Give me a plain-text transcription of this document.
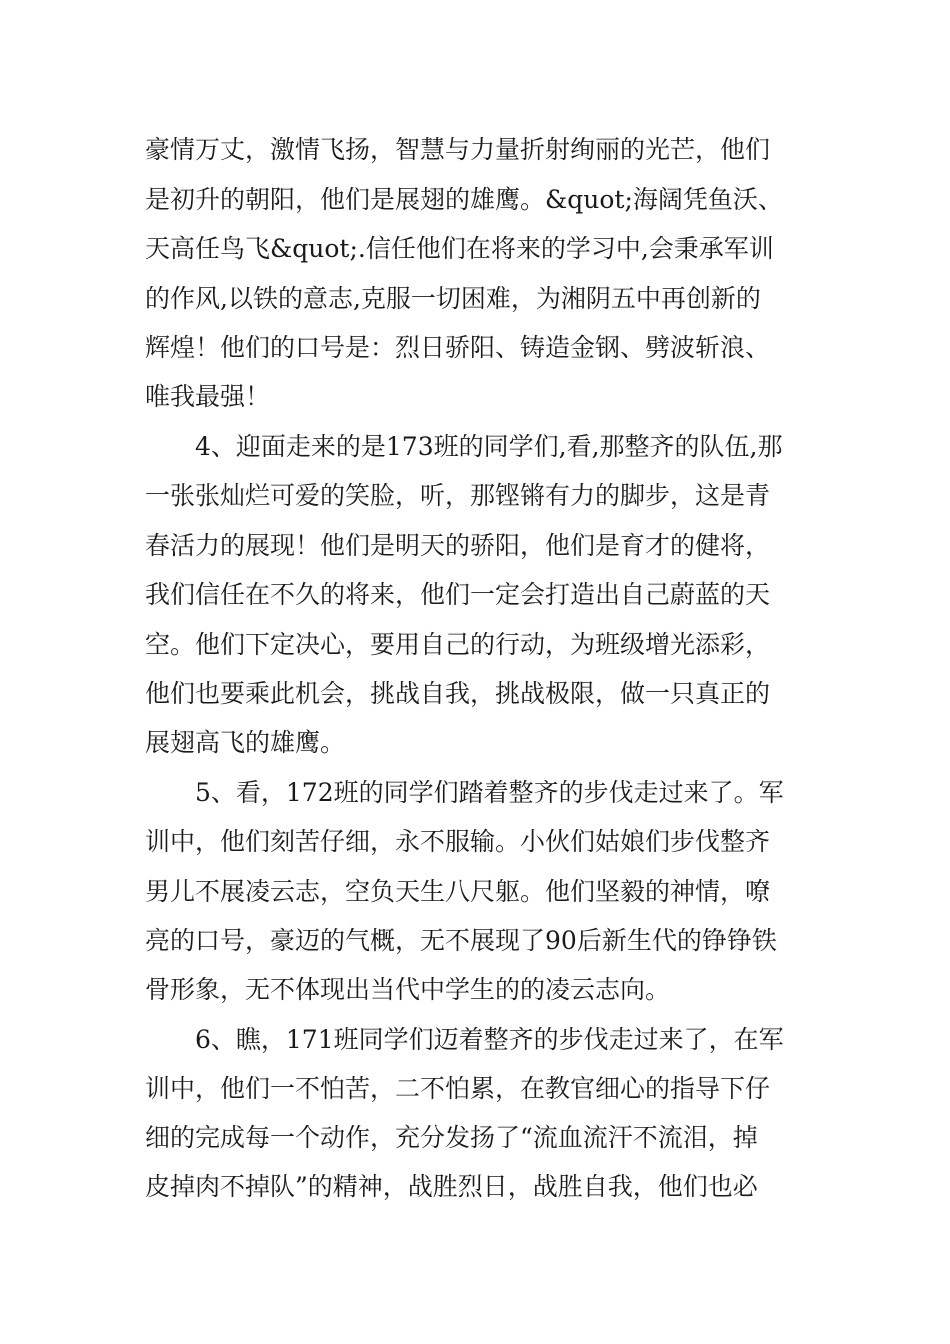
豪情万丈，激情飞扬，智慧与力量折射绚丽的光芒，他们
是初升的朝阳，他们是展翅的雄鹰。&quot;海阔凭鱼沃、
天高任鸟飞&quot;.信任他们在将来的学习中,会秉承军训
的作风,以铁的意志,克服一切困难，为湘阴五中再创新的
辉煌！他们的口号是：烈日骄阳、铸造金钢、劈波斩浪、
唯我最强！
4、迎面走来的是173班的同学们,看,那整齐的队伍,那
一张张灿烂可爱的笑脸，听，那铿锵有力的脚步，这是青
春活力的展现！他们是明天的骄阳，他们是育才的健将，
我们信任在不久的将来，他们一定会打造出自己蔚蓝的天
空。他们下定决心，要用自己的行动，为班级增光添彩，
他们也要乘此机会，挑战自我，挑战极限，做一只真正的
展翅高飞的雄鹰。
5、看，172班的同学们踏着整齐的步伐走过来了。军
训中，他们刻苦仔细，永不服输。小伙们姑娘们步伐整齐
男儿不展凌云志，空负天生八尺躯。他们坚毅的神情，嘹
亮的口号，豪迈的气概，无不展现了90后新生代的铮铮铁
骨形象，无不体现出当代中学生的的凌云志向。
6、瞧，171班同学们迈着整齐的步伐走过来了，在军
训中，他们一不怕苦，二不怕累，在教官细心的指导下仔
细的完成每一个动作，充分发扬了“流血流汗不流泪，掉
皮掉肉不掉队”的精神，战胜烈日，战胜自我，他们也必
